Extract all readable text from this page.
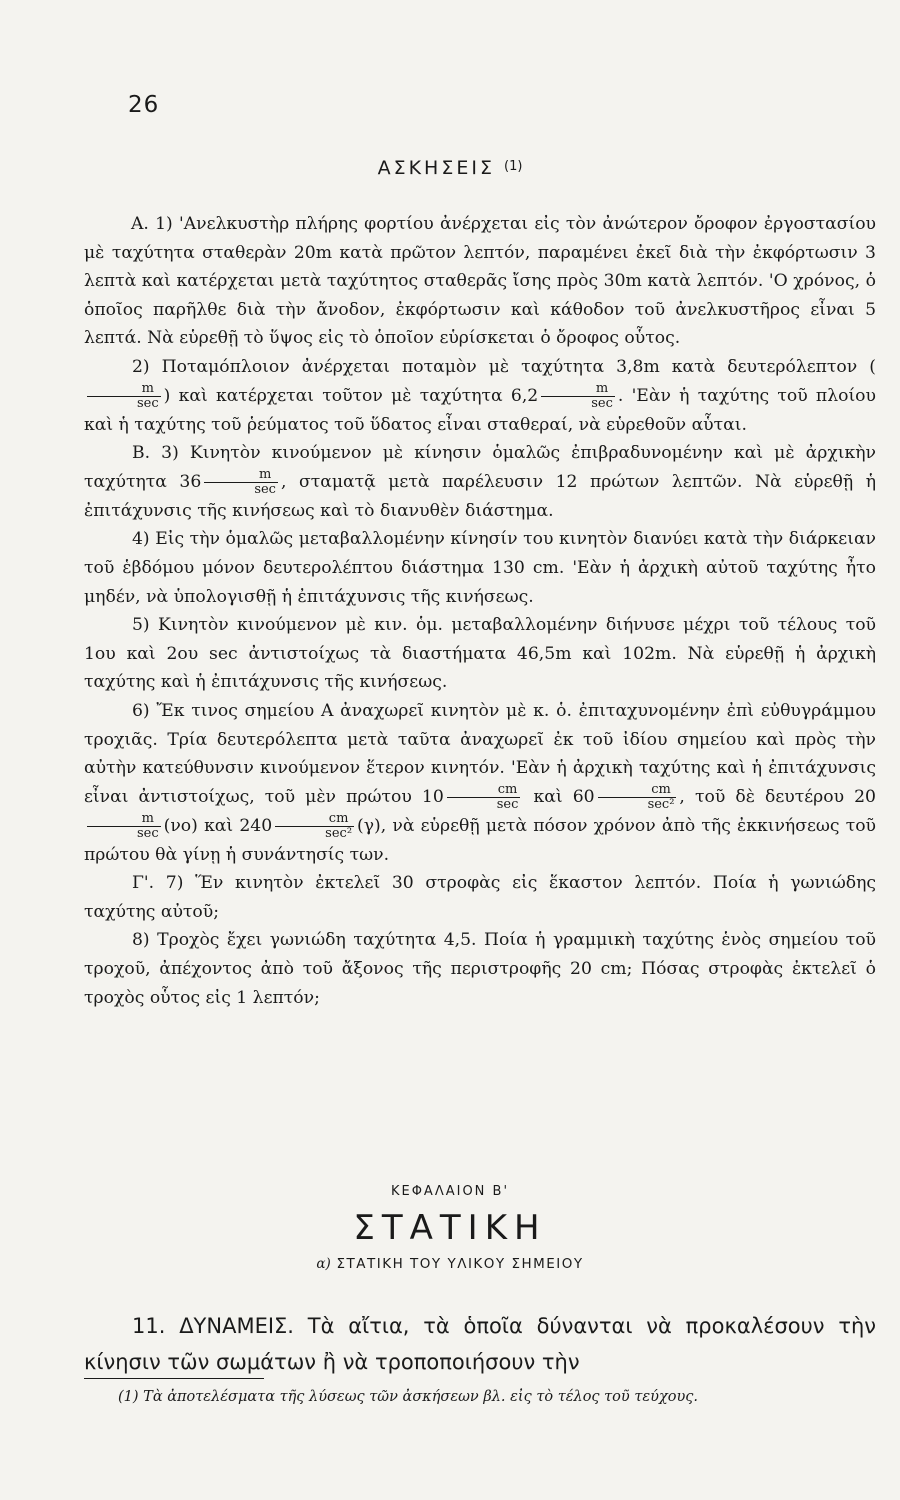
26
ΑΣΚΗΣΕΙΣ $^{(1)}$

A. 1) 'Ανελκυστὴρ πλήρης φορτίου ἀνέρχεται εἰς τὸν ἀνώτερον ὄροφον ἐργοστασίου μὲ ταχύτητα σταθερὰν 20m κατὰ πρῶτον λεπτόν, παραμένει ἐκεῖ διὰ τὴν ἐκφόρτωσιν 3 λεπτὰ καὶ κατέρχεται μετὰ ταχύτητος σταθερᾶς ἴσης πρὸς 30m κατὰ λεπτόν. 'Ο χρόνος, ὁ ὁποῖος παρῆλθε διὰ τὴν ἄνοδον, ἐκφόρτωσιν καὶ κάθοδον τοῦ ἀνελκυστῆρος εἶναι 5 λεπτά. Νὰ εὑρεθῇ τὸ ὕψος εἰς τὸ ὁποῖον εὑρίσκεται ὁ ὄροφος οὗτος.

2) Ποταμόπλοιον ἀνέρχεται ποταμὸν μὲ ταχύτητα 3,8m κατὰ δευτερόλεπτον (
$\frac{m}{\sec}$ ) καὶ κατέρχεται τοῦτον μὲ ταχύτητα $6,2 \frac{m}{\sec}$ . 'Εὰν ἡ ταχύτης τοῦ πλοίου καὶ ἡ ταχύτης τοῦ ῥεύματος τοῦ ὕδατος εἶναι σταθεραί, νὰ εὑρεθοῦν αὗται.

B. 3) Κινητὸν κινούμενον μὲ κίνησιν ὁμαλῶς ἐπιβραδυνομένην καὶ μὲ ἀρχικὴν ταχύτητα $36 \frac{m}{\sec}$ , σταματᾷ μετὰ παρέλευσιν 12 πρώτων λεπτῶν. Νὰ εὑρεθῇ ἡ ἐπιτάχυνσις τῆς κινήσεως καὶ τὸ διανυθὲν διάστημα.

4) Εἰς τὴν ὁμαλῶς μεταβαλλομένην κίνησίν του κινητὸν διανύει κατὰ τὴν διάρκειαν τοῦ ἑβδόμου μόνον δευτερολέπτου διάστημα 130 cm. 'Εὰν ἡ ἀρχικὴ αὐτοῦ ταχύτης ἦτο μηδέν, νὰ ὑπολογισθῇ ἡ ἐπιτάχυνσις τῆς κινήσεως.

5) Κινητὸν κινούμενον μὲ κιν. ὁμ. μεταβαλλομένην διήνυσε μέχρι τοῦ τέλους τοῦ 1ου καὶ 2ου sec ἀντιστοίχως τὰ διαστήματα 46,5m καὶ 102m. Νὰ εὑρεθῇ ἡ ἀρχικὴ ταχύτης καὶ ἡ ἐπιτάχυνσις τῆς κινήσεως.

6) Ἔκ τινος σημείου A ἀναχωρεῖ κινητὸν μὲ κ. ὁ. ἐπιταχυνομένην ἐπὶ εὐθυγράμμου τροχιᾶς. Τρία δευτερόλεπτα μετὰ ταῦτα ἀναχωρεῖ ἐκ τοῦ ἰδίου σημείου καὶ πρὸς τὴν αὐτὴν κατεύθυνσιν κινούμενον ἕτερον κινητόν. 'Εὰν ἡ ἀρχικὴ ταχύτης καὶ ἡ ἐπιτάχυνσις εἶναι ἀντιστοίχως, τοῦ μὲν πρώτου $10 \frac{cm}{\sec}$ καὶ $60 \frac{cm}{\text{sec²}}$ , τοῦ δὲ δευτέρου 20
$\frac{m}{\sec} (\nu o)$ καὶ $240 \frac{cm}{\text{sec²}} (\gamma)$, νὰ εὑρεθῇ μετὰ πόσον χρόνον ἀπὸ τῆς ἐκκινήσεως τοῦ πρώτου θὰ γίνῃ ἡ συνάντησίς των.

Γ'. 7) Ἕν κινητὸν ἐκτελεῖ 30 στροφὰς εἰς ἕκαστον λεπτόν. Ποία ἡ γωνιώδης ταχύτης αὐτοῦ;

8) Τροχὸς ἔχει γωνιώδη ταχύτητα 4,5. Ποία ἡ γραμμικὴ ταχύτης ἑνὸς σημείου τοῦ τροχοῦ, ἀπέχοντος ἀπὸ τοῦ ἄξονος τῆς περιστροφῆς 20 cm; Πόσας στροφὰς ἐκτελεῖ ὁ τροχὸς οὗτος εἰς 1 λεπτόν;

ΚΕΦΑΛΑΙΟΝ Β'
ΣΤΑΤΙΚΗ
α) ΣΤΑΤΙΚΗ ΤΟΥ ΥΛΙΚΟΥ ΣΗΜΕΙΟΥ
11. ΔΥΝΑΜΕΙΣ. Τὰ αἴτια, τὰ ὁποῖα δύνανται νὰ προκαλέσουν τὴν κίνησιν τῶν σωμάτων ἢ νὰ τροποποιήσουν τὴν
(1) Τὰ ἀποτελέσματα τῆς λύσεως τῶν ἀσκήσεων βλ. εἰς τὸ τέλος τοῦ τεύχους.
